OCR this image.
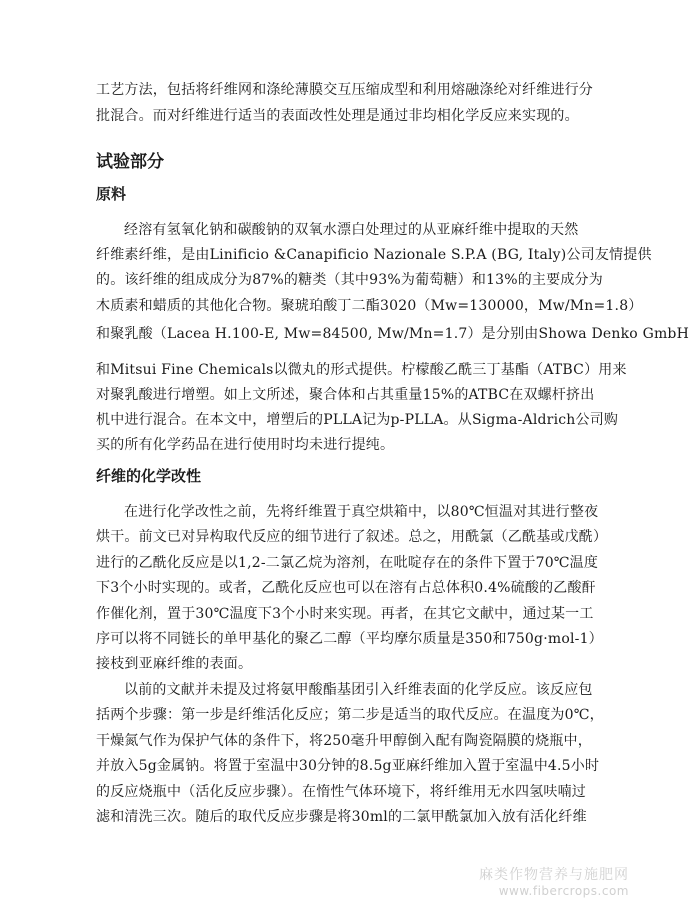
工艺方法，包括将纤维网和涤纶薄膜交互压缩成型和利用熔融涤纶对纤维进行分

批混合。而对纤维进行适当的表面改性处理是通过非均相化学反应来实现的。

试验部分
原料

经溶有氢氧化钠和碳酸钠的双氧水漂白处理过的从亚麻纤维中提取的天然

纤维素纤维，是由Linificio &Canapificio Nazionale S.P.A (BG, Italy)公司友情提供

的。该纤维的组成成分为87%的糖类（其中93%为葡萄糖）和13%的主要成分为

木质素和蜡质的其他化合物。聚琥珀酸丁二酯3020（Mw=130000，Mw/Mn=1.8）

和聚乳酸（Lacea H.100-E, Mw=84500, Mw/Mn=1.7）是分别由Showa Denko GmbH

和Mitsui Fine Chemicals以微丸的形式提供。柠檬酸乙酰三丁基酯（ATBC）用来

对聚乳酸进行增塑。如上文所述，聚合体和占其重量15%的ATBC在双螺杆挤出

机中进行混合。在本文中，增塑后的PLLA记为p-PLLA。从Sigma-Aldrich公司购

买的所有化学药品在进行使用时均未进行提纯。

纤维的化学改性

在进行化学改性之前，先将纤维置于真空烘箱中，以80℃恒温对其进行整夜

烘干。前文已对异构取代反应的细节进行了叙述。总之，用酰氯（乙酰基或戊酰）

进行的乙酰化反应是以1,2-二氯乙烷为溶剂，在吡啶存在的条件下置于70℃温度

下3个小时实现的。或者，乙酰化反应也可以在溶有占总体积0.4%硫酸的乙酸酐

作催化剂，置于30℃温度下3个小时来实现。再者，在其它文献中，通过某一工

序可以将不同链长的单甲基化的聚乙二醇（平均摩尔质量是350和750g·mol-1）

接枝到亚麻纤维的表面。

以前的文献并未提及过将氨甲酸酯基团引入纤维表面的化学反应。该反应包

括两个步骤：第一步是纤维活化反应；第二步是适当的取代反应。在温度为0℃，

干燥氮气作为保护气体的条件下，将250毫升甲醇倒入配有陶瓷隔膜的烧瓶中，

并放入5g金属钠。将置于室温中30分钟的8.5g亚麻纤维加入置于室温中4.5小时

的反应烧瓶中（活化反应步骤）。在惰性气体环境下，将纤维用无水四氢呋喃过

滤和清洗三次。随后的取代反应步骤是将30ml的二氯甲酰氯加入放有活化纤维

麻类作物营养与施肥网
www.fibercrops.com
